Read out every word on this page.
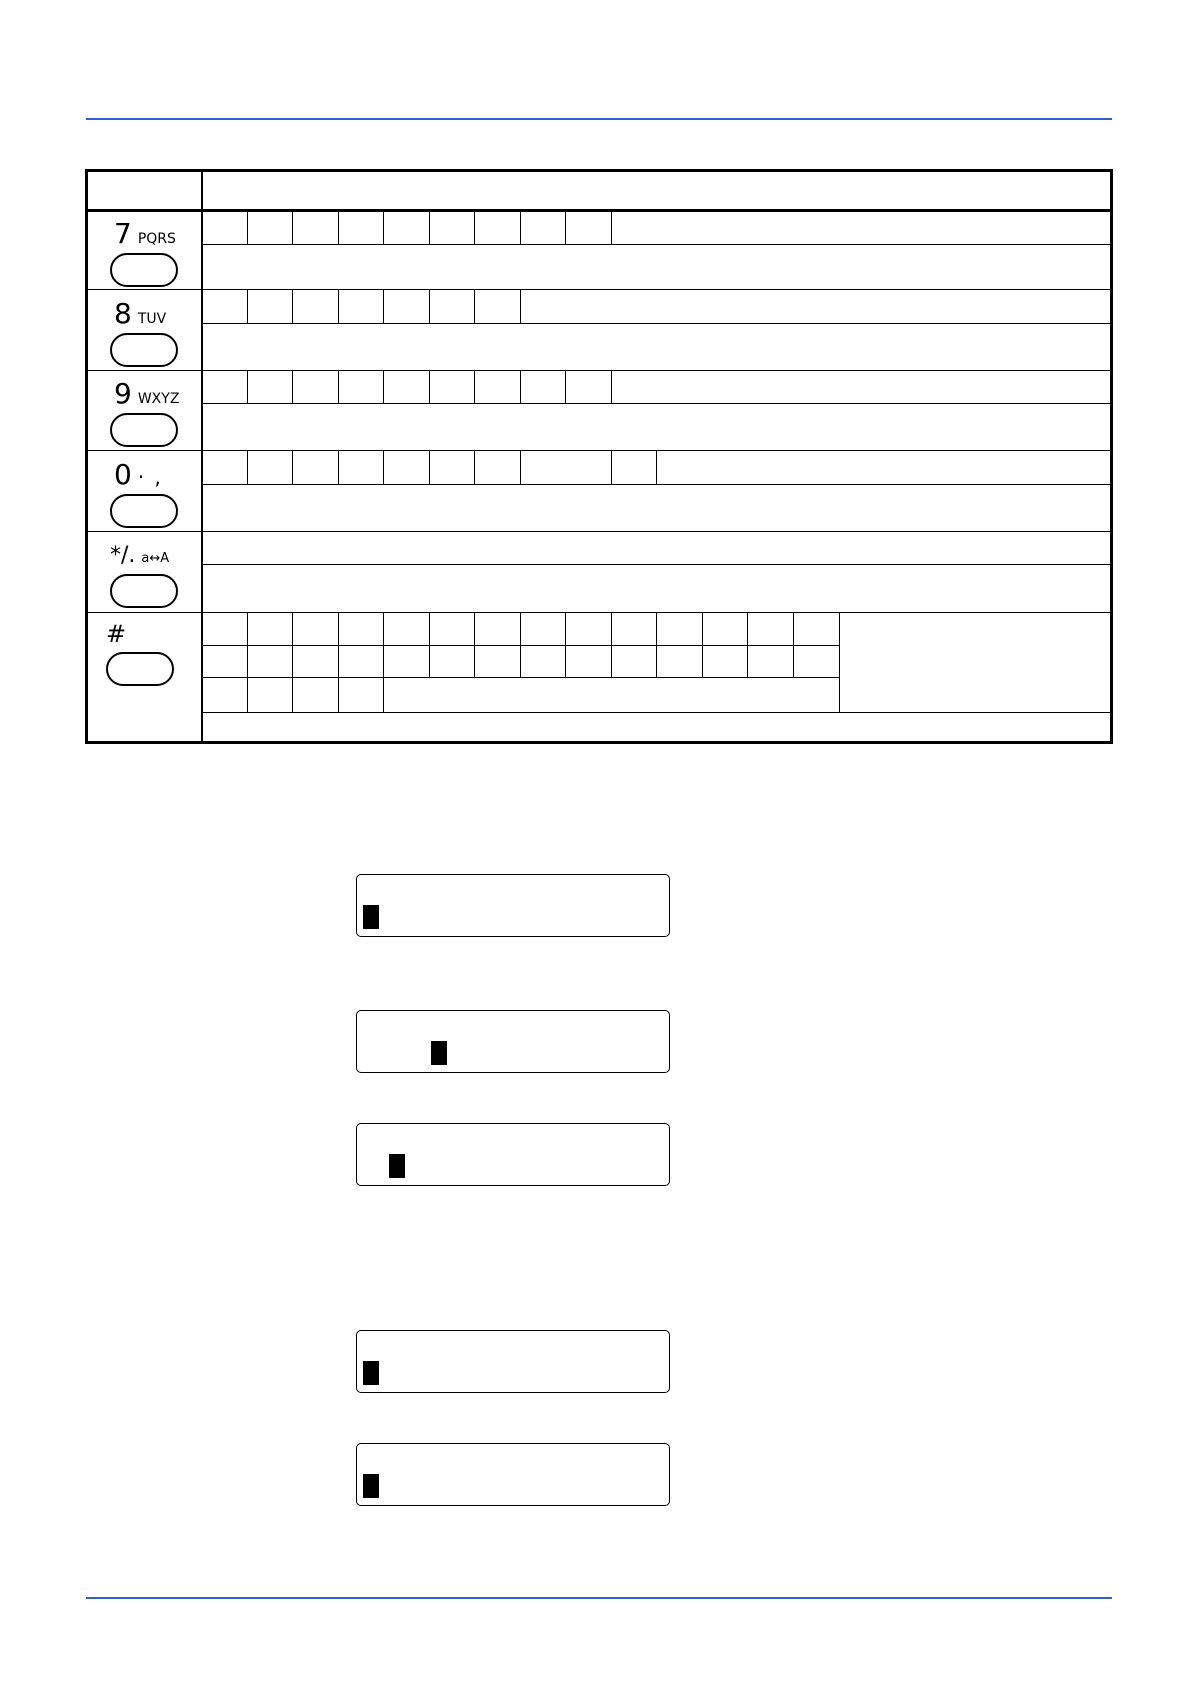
7 PQRS
8 TUV
9 WXYZ
0 · ,
*/. a↔A
#
